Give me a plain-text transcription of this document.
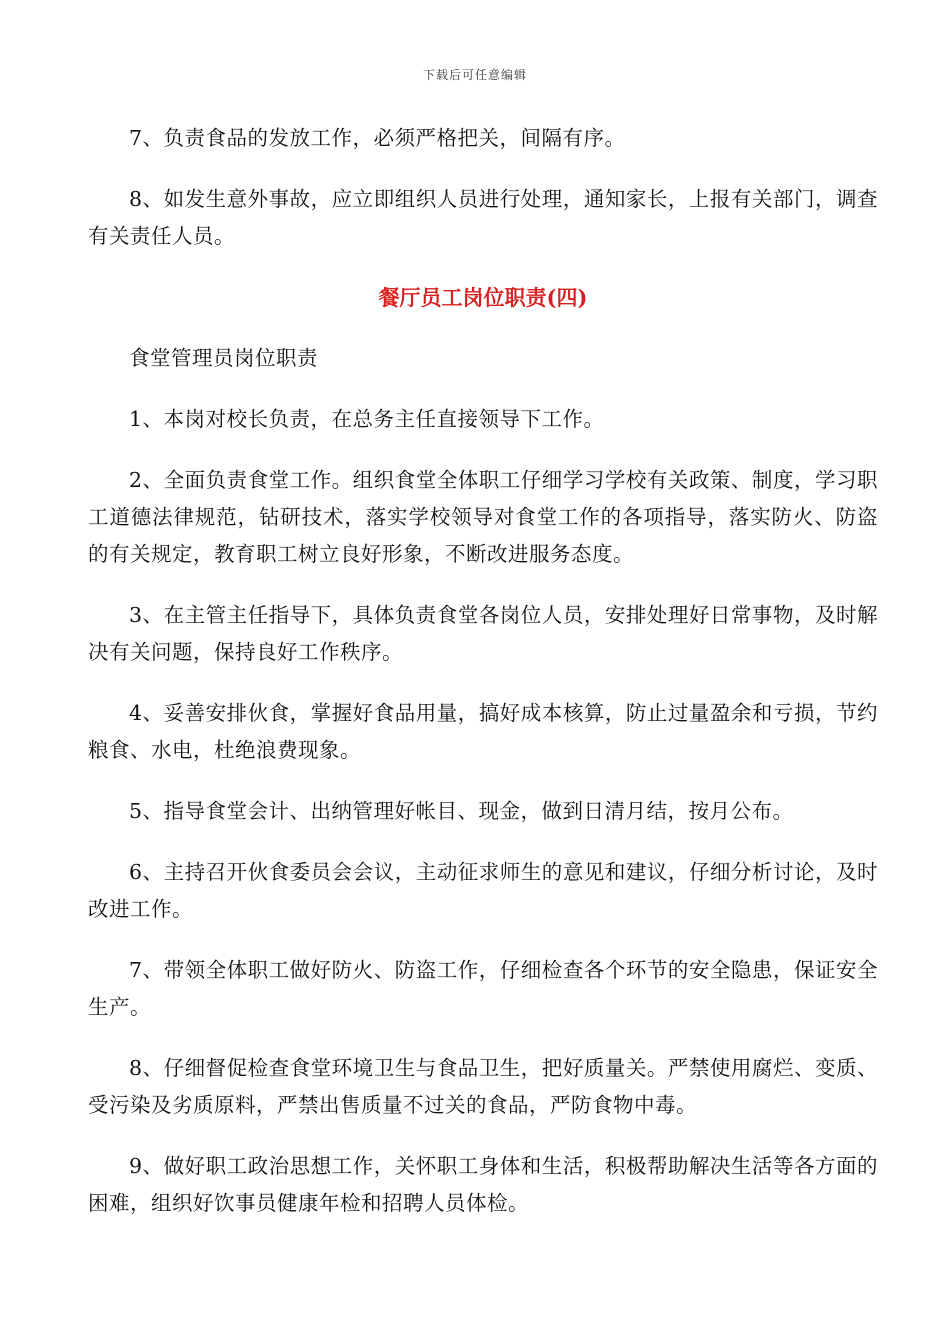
下载后可任意编辑

7、负责食品的发放工作，必须严格把关，间隔有序。

8、如发生意外事故，应立即组织人员进行处理，通知家长，上报有关部门，调查有关责任人员。

餐厅员工岗位职责(四)

食堂管理员岗位职责

1、本岗对校长负责，在总务主任直接领导下工作。

2、全面负责食堂工作。组织食堂全体职工仔细学习学校有关政策、制度，学习职工道德法律规范，钻研技术，落实学校领导对食堂工作的各项指导，落实防火、防盗的有关规定，教育职工树立良好形象，不断改进服务态度。

3、在主管主任指导下，具体负责食堂各岗位人员，安排处理好日常事物，及时解决有关问题，保持良好工作秩序。

4、妥善安排伙食，掌握好食品用量，搞好成本核算，防止过量盈余和亏损，节约粮食、水电，杜绝浪费现象。

5、指导食堂会计、出纳管理好帐目、现金，做到日清月结，按月公布。

6、主持召开伙食委员会会议，主动征求师生的意见和建议，仔细分析讨论，及时改进工作。

7、带领全体职工做好防火、防盗工作，仔细检查各个环节的安全隐患，保证安全生产。

8、仔细督促检查食堂环境卫生与食品卫生，把好质量关。严禁使用腐烂、变质、受污染及劣质原料，严禁出售质量不过关的食品，严防食物中毒。

9、做好职工政治思想工作，关怀职工身体和生活，积极帮助解决生活等各方面的困难，组织好饮事员健康年检和招聘人员体检。
